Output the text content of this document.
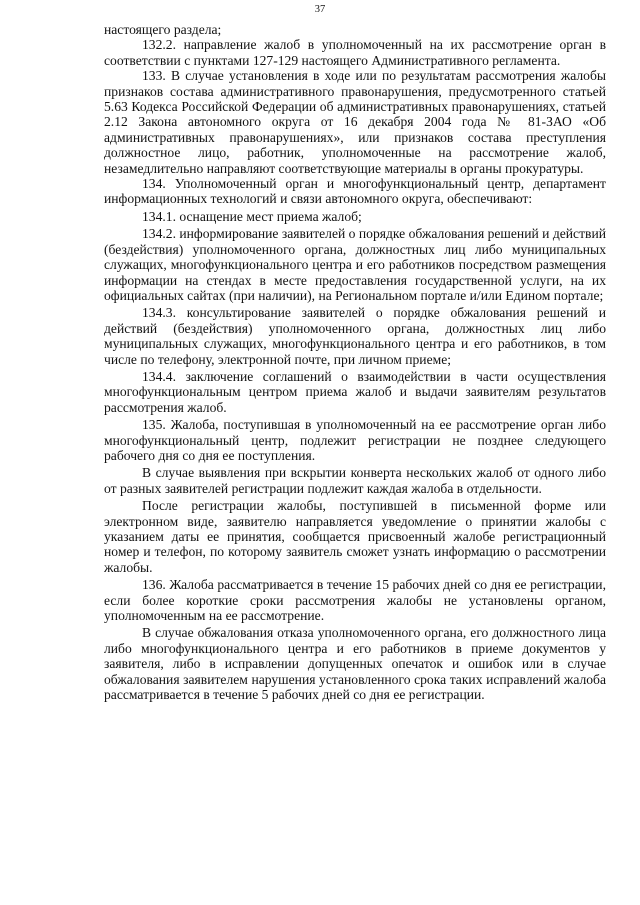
37

настоящего раздела;

132.2. направление жалоб в уполномоченный на их рассмотрение орган в соответствии с пунктами 127-129 настоящего Административного регламента.

133. В случае установления в ходе или по результатам рассмотрения жалобы признаков состава административного правонарушения, предусмотренного статьей 5.63 Кодекса Российской Федерации об административных правонарушениях, статьей 2.12 Закона автономного округа от 16 декабря 2004 года № 81-ЗАО «Об административных правонарушениях», или признаков состава преступления должностное лицо, работник, уполномоченные на рассмотрение жалоб, незамедлительно направляют соответствующие материалы в органы прокуратуры.

134. Уполномоченный орган и многофункциональный центр, департамент информационных технологий и связи автономного округа, обеспечивают:

134.1. оснащение мест приема жалоб;

134.2. информирование заявителей о порядке обжалования решений и действий (бездействия) уполномоченного органа, должностных лиц либо муниципальных служащих, многофункционального центра и его работников посредством размещения информации на стендах в месте предоставления государственной услуги, на их официальных сайтах (при наличии), на Региональном портале и/или Едином портале;

134.3. консультирование заявителей о порядке обжалования решений и действий (бездействия) уполномоченного органа, должностных лиц либо муниципальных служащих, многофункционального центра и его работников, в том числе по телефону, электронной почте, при личном приеме;

134.4. заключение соглашений о взаимодействии в части осуществления многофункциональным центром приема жалоб и выдачи заявителям результатов рассмотрения жалоб.

135. Жалоба, поступившая в уполномоченный на ее рассмотрение орган либо многофункциональный центр, подлежит регистрации не позднее следующего рабочего дня со дня ее поступления.

В случае выявления при вскрытии конверта нескольких жалоб от одного либо от разных заявителей регистрации подлежит каждая жалоба в отдельности.

После регистрации жалобы, поступившей в письменной форме или электронном виде, заявителю направляется уведомление о принятии жалобы с указанием даты ее принятия, сообщается присвоенный жалобе регистрационный номер и телефон, по которому заявитель сможет узнать информацию о рассмотрении жалобы.

136. Жалоба рассматривается в течение 15 рабочих дней со дня ее регистрации, если более короткие сроки рассмотрения жалобы не установлены органом, уполномоченным на ее рассмотрение.

В случае обжалования отказа уполномоченного органа, его должностного лица либо многофункционального центра и его работников в приеме документов у заявителя, либо в исправлении допущенных опечаток и ошибок или в случае обжалования заявителем нарушения установленного срока таких исправлений жалоба рассматривается в течение 5 рабочих дней со дня ее регистрации.
